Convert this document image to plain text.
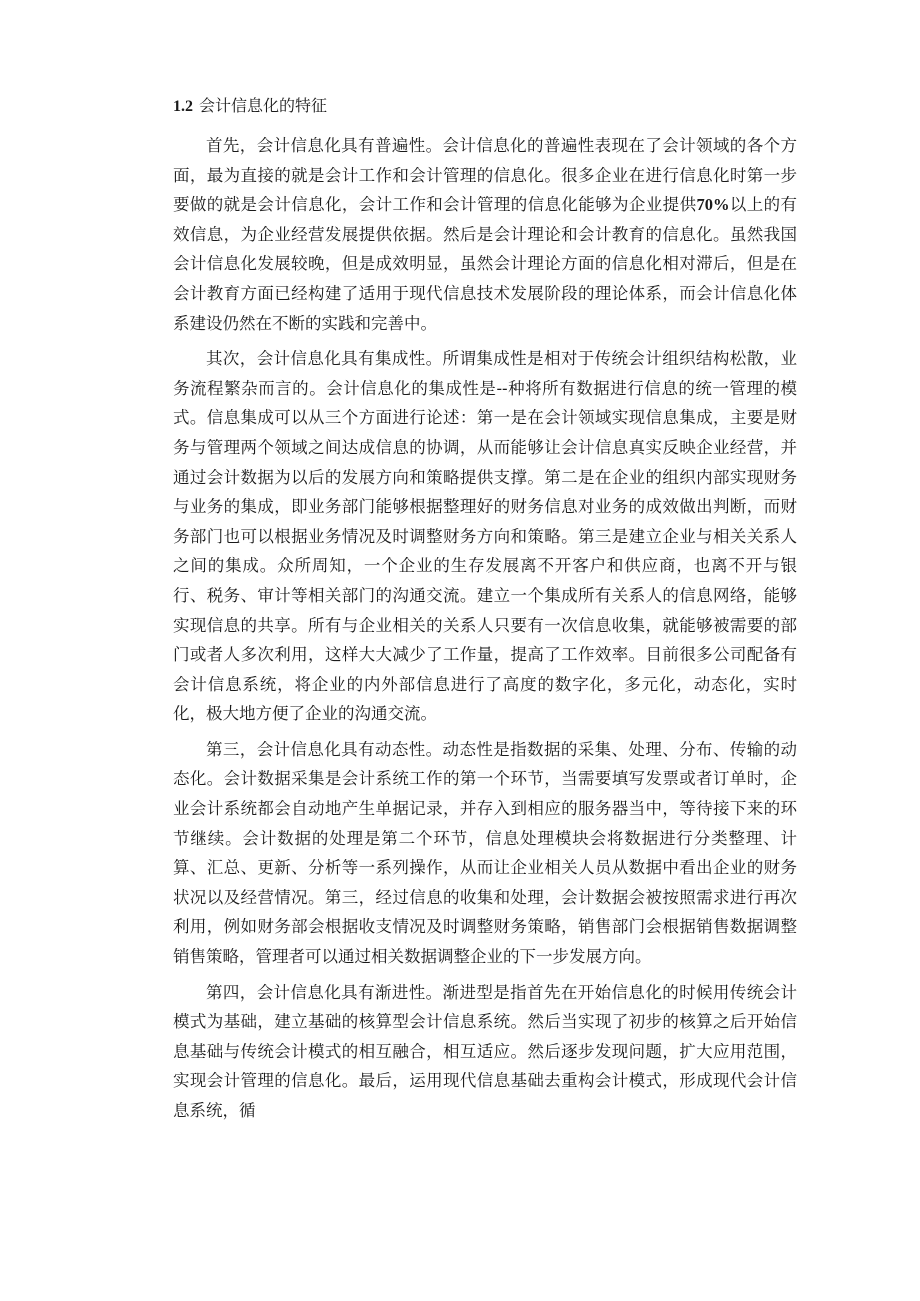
1.2 会计信息化的特征

首先，会计信息化具有普遍性。会计信息化的普遍性表现在了会计领域的各个方面，最为直接的就是会计工作和会计管理的信息化。很多企业在进行信息化时第一步要做的就是会计信息化，会计工作和会计管理的信息化能够为企业提供70%以上的有效信息，为企业经营发展提供依据。然后是会计理论和会计教育的信息化。虽然我国会计信息化发展较晚，但是成效明显，虽然会计理论方面的信息化相对滞后，但是在会计教育方面已经构建了适用于现代信息技术发展阶段的理论体系，而会计信息化体系建设仍然在不断的实践和完善中。

其次，会计信息化具有集成性。所谓集成性是相对于传统会计组织结构松散，业务流程繁杂而言的。会计信息化的集成性是--种将所有数据进行信息的统一管理的模式。信息集成可以从三个方面进行论述：第一是在会计领域实现信息集成，主要是财务与管理两个领域之间达成信息的协调，从而能够让会计信息真实反映企业经营，并通过会计数据为以后的发展方向和策略提供支撑。第二是在企业的组织内部实现财务与业务的集成，即业务部门能够根据整理好的财务信息对业务的成效做出判断，而财务部门也可以根据业务情况及时调整财务方向和策略。第三是建立企业与相关关系人之间的集成。众所周知，一个企业的生存发展离不开客户和供应商，也离不开与银行、税务、审计等相关部门的沟通交流。建立一个集成所有关系人的信息网络，能够实现信息的共享。所有与企业相关的关系人只要有一次信息收集，就能够被需要的部门或者人多次利用，这样大大减少了工作量，提高了工作效率。目前很多公司配备有会计信息系统，将企业的内外部信息进行了高度的数字化，多元化，动态化，实时化，极大地方便了企业的沟通交流。

第三，会计信息化具有动态性。动态性是指数据的采集、处理、分布、传输的动态化。会计数据采集是会计系统工作的第一个环节，当需要填写发票或者订单时，企业会计系统都会自动地产生单据记录，并存入到相应的服务器当中，等待接下来的环节继续。会计数据的处理是第二个环节，信息处理模块会将数据进行分类整理、计算、汇总、更新、分析等一系列操作，从而让企业相关人员从数据中看出企业的财务状况以及经营情况。第三，经过信息的收集和处理，会计数据会被按照需求进行再次利用，例如财务部会根据收支情况及时调整财务策略，销售部门会根据销售数据调整销售策略，管理者可以通过相关数据调整企业的下一步发展方向。

第四，会计信息化具有渐进性。渐进型是指首先在开始信息化的时候用传统会计模式为基础，建立基础的核算型会计信息系统。然后当实现了初步的核算之后开始信息基础与传统会计模式的相互融合，相互适应。然后逐步发现问题，扩大应用范围，实现会计管理的信息化。最后，运用现代信息基础去重构会计模式，形成现代会计信息系统，循
